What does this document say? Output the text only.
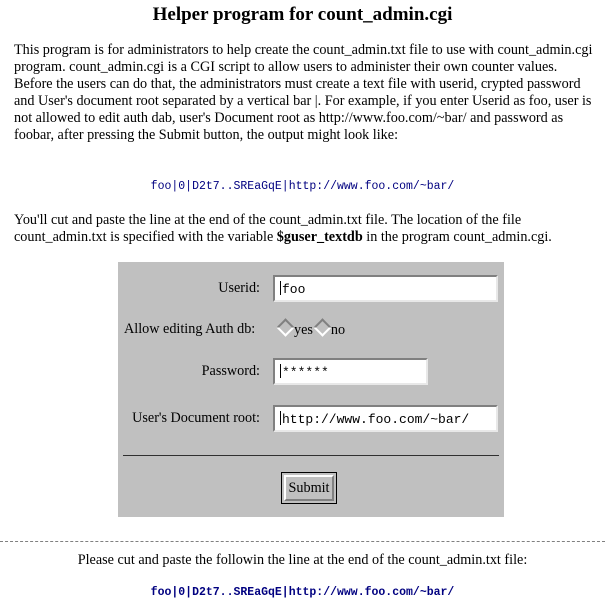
Helper program for count_admin.cgi

This program is for administrators to help create the count_admin.txt file to use with count_admin.cgi program. count_admin.cgi is a CGI script to allow users to administer their own counter values. Before the users can do that, the administrators must create a text file with userid, crypted password and User's document root separated by a vertical bar |. For example, if you enter Userid as foo, user is not allowed to edit auth dab, user's Document root as http://www.foo.com/~bar/ and password as foobar, after pressing the Submit button, the output might look like:

foo|0|D2t7..SREaGqE|http://www.foo.com/~bar/

You'll cut and paste the line at the end of the count_admin.txt file. The location of the file count_admin.txt is specified with the variable $guser_textdb in the program count_admin.cgi.

Userid:	foo
Allow editing Auth db:	yes no
Password:	******
User's Document root:	http://www.foo.com/~bar/
Submit
Please cut and paste the followin the line at the end of the count_admin.txt file:
foo|0|D2t7..SREaGqE|http://www.foo.com/~bar/
